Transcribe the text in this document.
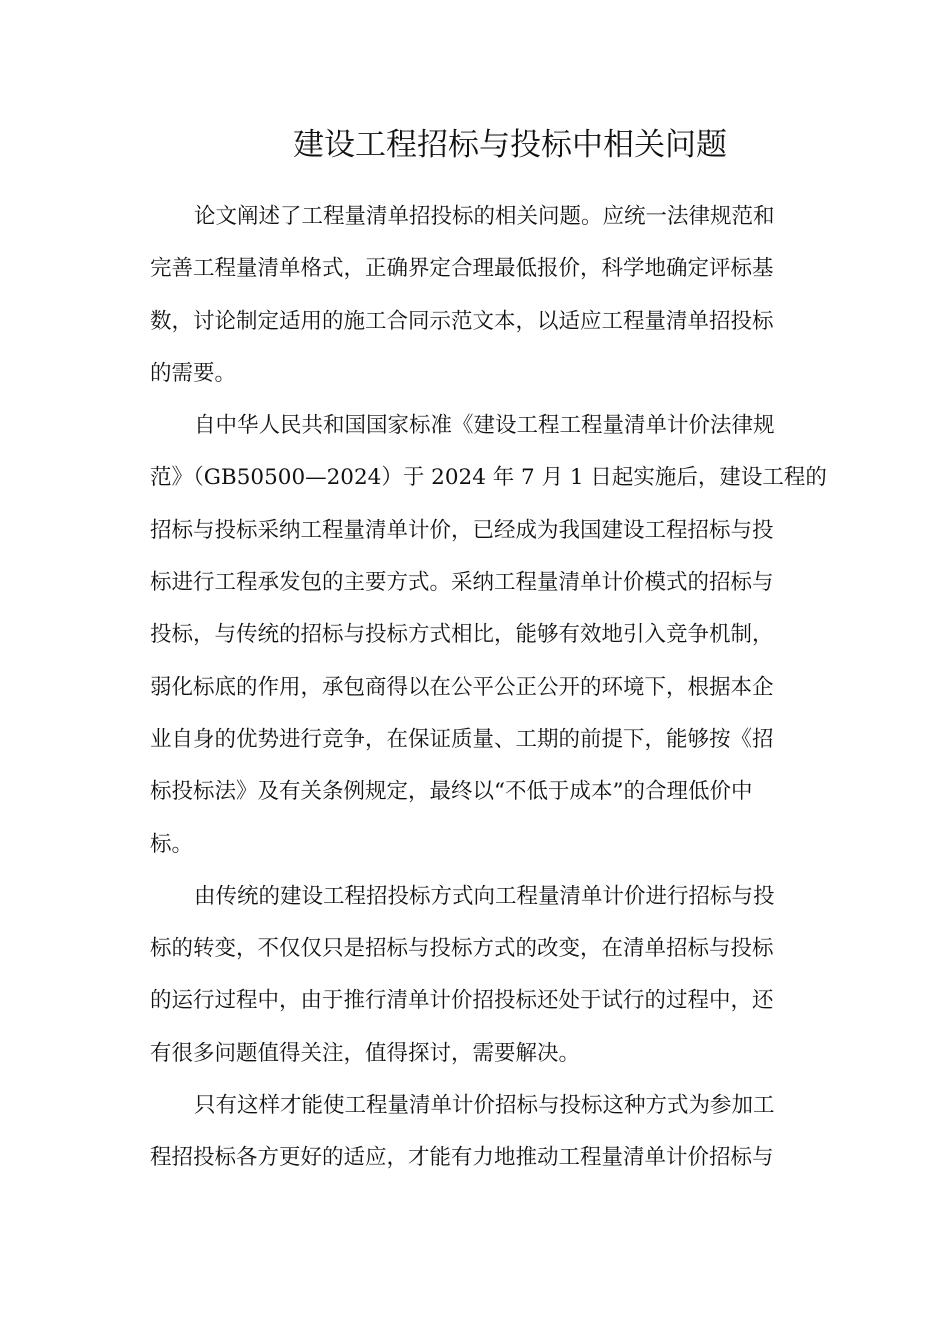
建设工程招标与投标中相关问题
论文阐述了工程量清单招投标的相关问题。应统一法律规范和
完善工程量清单格式，正确界定合理最低报价，科学地确定评标基
数，讨论制定适用的施工合同示范文本，以适应工程量清单招投标
的需要。
自中华人民共和国国家标准《建设工程工程量清单计价法律规
范》（GB50500—2024）于 2024 年 7 月 1 日起实施后，建设工程的
招标与投标采纳工程量清单计价，已经成为我国建设工程招标与投
标进行工程承发包的主要方式。采纳工程量清单计价模式的招标与
投标，与传统的招标与投标方式相比，能够有效地引入竞争机制，
弱化标底的作用，承包商得以在公平公正公开的环境下，根据本企
业自身的优势进行竞争，在保证质量、工期的前提下，能够按《招
标投标法》及有关条例规定，最终以“不低于成本”的合理低价中
标。
由传统的建设工程招投标方式向工程量清单计价进行招标与投
标的转变，不仅仅只是招标与投标方式的改变，在清单招标与投标
的运行过程中，由于推行清单计价招投标还处于试行的过程中，还
有很多问题值得关注，值得探讨，需要解决。
只有这样才能使工程量清单计价招标与投标这种方式为参加工
程招投标各方更好的适应，才能有力地推动工程量清单计价招标与
